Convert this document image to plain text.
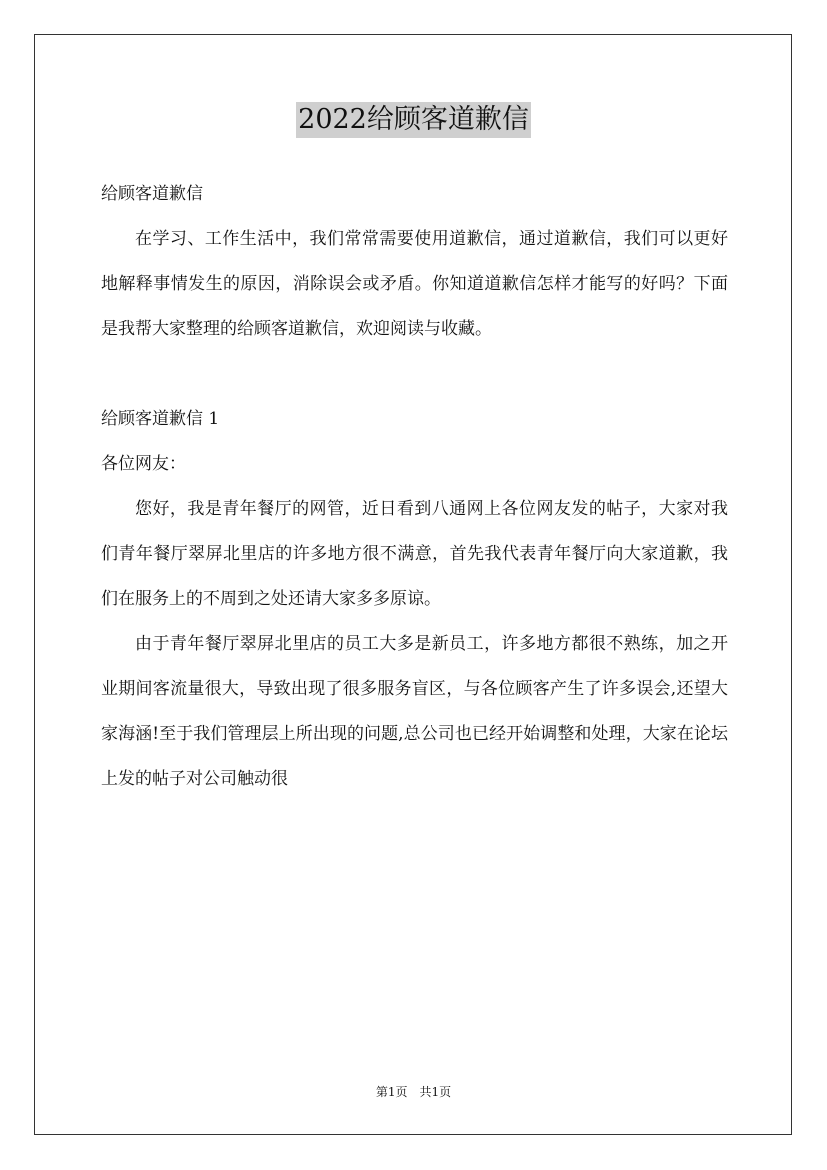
2022给顾客道歉信

给顾客道歉信

在学习、工作生活中，我们常常需要使用道歉信，通过道歉信，我们可以更好地解释事情发生的原因，消除误会或矛盾。你知道道歉信怎样才能写的好吗？下面是我帮大家整理的给顾客道歉信，欢迎阅读与收藏。

给顾客道歉信 1

各位网友：

您好，我是青年餐厅的网管，近日看到八通网上各位网友发的帖子，大家对我们青年餐厅翠屏北里店的许多地方很不满意，首先我代表青年餐厅向大家道歉，我们在服务上的不周到之处还请大家多多原谅。

由于青年餐厅翠屏北里店的员工大多是新员工，许多地方都很不熟练，加之开业期间客流量很大，导致出现了很多服务盲区，与各位顾客产生了许多误会,还望大家海涵!至于我们管理层上所出现的问题,总公司也已经开始调整和处理，大家在论坛上发的帖子对公司触动很

第1页　共1页
